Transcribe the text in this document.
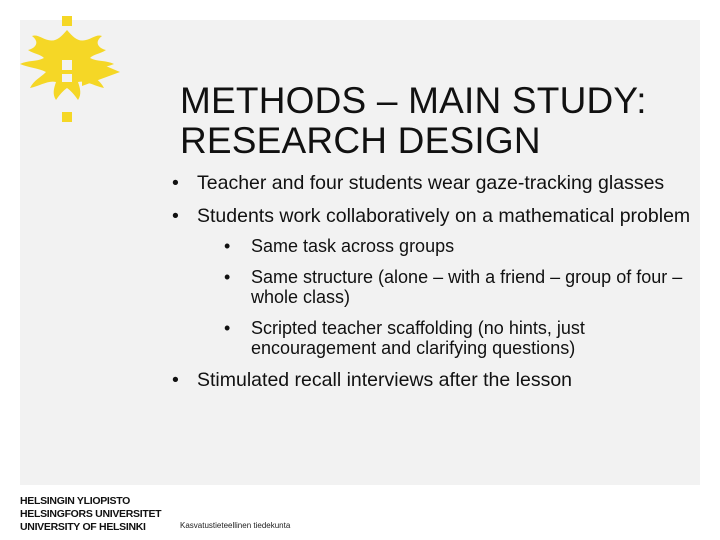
METHODS – MAIN STUDY:
RESEARCH DESIGN
• Teacher and four students wear gaze-tracking glasses
• Students work collaboratively on a mathematical problem
• Same task across groups
• Same structure (alone – with a friend – group of four – whole class)
• Scripted teacher scaffolding (no hints, just encouragement and clarifying questions)
• Stimulated recall interviews after the lesson
HELSINGIN YLIOPISTO
HELSINGFORS UNIVERSITET
UNIVERSITY OF HELSINKI	Kasvatustieteellinen tiedekunta
